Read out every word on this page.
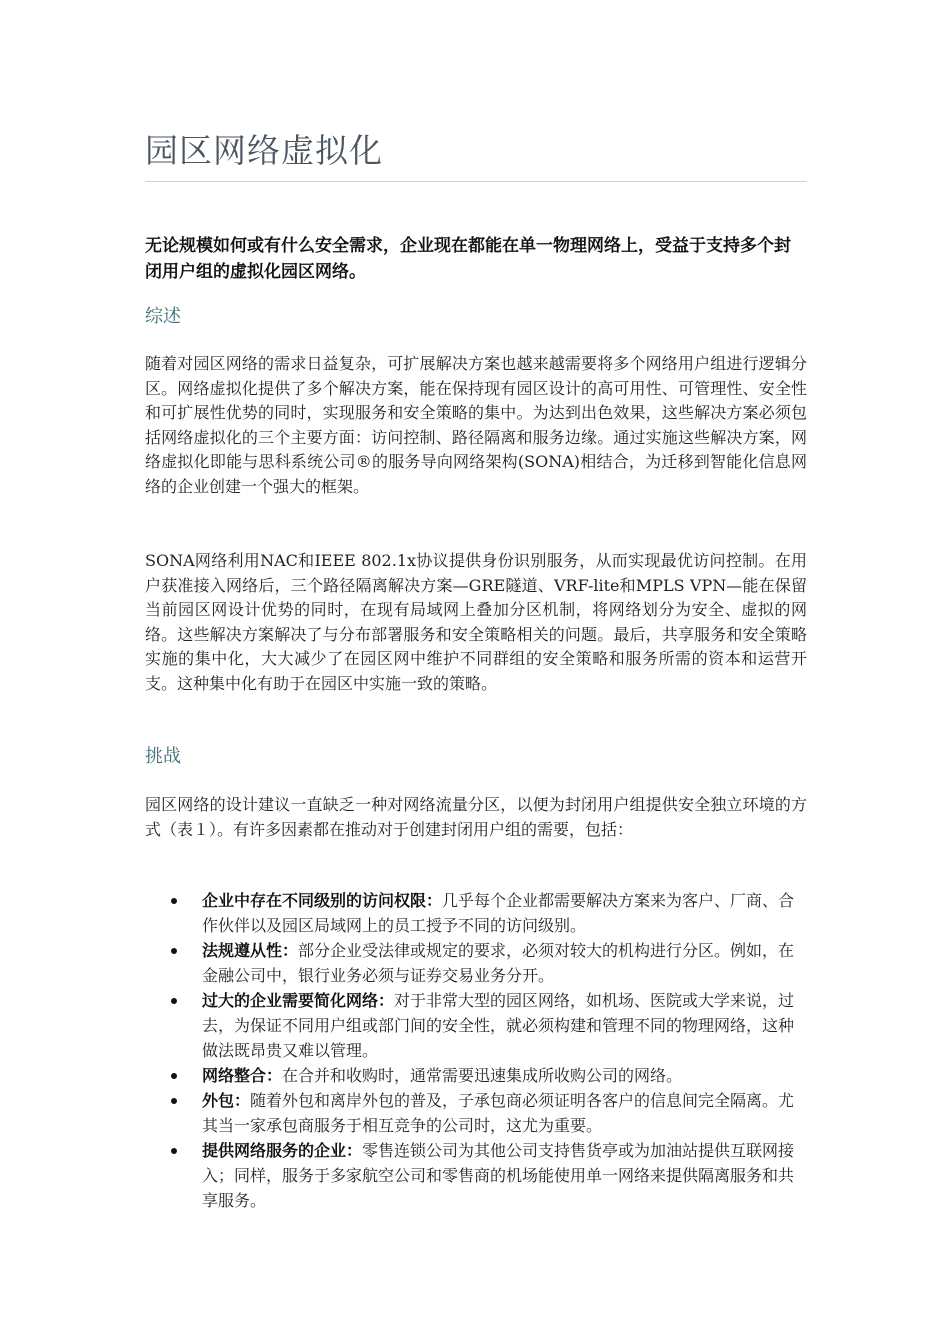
园区网络虚拟化

无论规模如何或有什么安全需求，企业现在都能在单一物理网络上，受益于支持多个封闭用户组的虚拟化园区网络。

综述

随着对园区网络的需求日益复杂，可扩展解决方案也越来越需要将多个网络用户组进行逻辑分区。网络虚拟化提供了多个解决方案，能在保持现有园区设计的高可用性、可管理性、安全性和可扩展性优势的同时，实现服务和安全策略的集中。为达到出色效果，这些解决方案必须包括网络虚拟化的三个主要方面：访问控制、路径隔离和服务边缘。通过实施这些解决方案，网络虚拟化即能与思科系统公司®的服务导向网络架构(SONA)相结合，为迁移到智能化信息网络的企业创建一个强大的框架。

SONA网络利用NAC和IEEE 802.1x协议提供身份识别服务，从而实现最优访问控制。在用户获准接入网络后，三个路径隔离解决方案—GRE隧道、VRF-lite和MPLS VPN—能在保留当前园区网设计优势的同时，在现有局域网上叠加分区机制，将网络划分为安全、虚拟的网络。这些解决方案解决了与分布部署服务和安全策略相关的问题。最后，共享服务和安全策略实施的集中化，大大减少了在园区网中维护不同群组的安全策略和服务所需的资本和运营开支。这种集中化有助于在园区中实施一致的策略。

挑战

园区网络的设计建议一直缺乏一种对网络流量分区，以便为封闭用户组提供安全独立环境的方式（表１）。有许多因素都在推动对于创建封闭用户组的需要，包括：

企业中存在不同级别的访问权限：几乎每个企业都需要解决方案来为客户、厂商、合作伙伴以及园区局域网上的员工授予不同的访问级别。
法规遵从性：部分企业受法律或规定的要求，必须对较大的机构进行分区。例如，在金融公司中，银行业务必须与证券交易业务分开。
过大的企业需要简化网络：对于非常大型的园区网络，如机场、医院或大学来说，过去，为保证不同用户组或部门间的安全性，就必须构建和管理不同的物理网络，这种做法既昂贵又难以管理。
网络整合：在合并和收购时，通常需要迅速集成所收购公司的网络。
外包：随着外包和离岸外包的普及，子承包商必须证明各客户的信息间完全隔离。尤其当一家承包商服务于相互竞争的公司时，这尤为重要。
提供网络服务的企业：零售连锁公司为其他公司支持售货亭或为加油站提供互联网接入；同样，服务于多家航空公司和零售商的机场能使用单一网络来提供隔离服务和共享服务。
